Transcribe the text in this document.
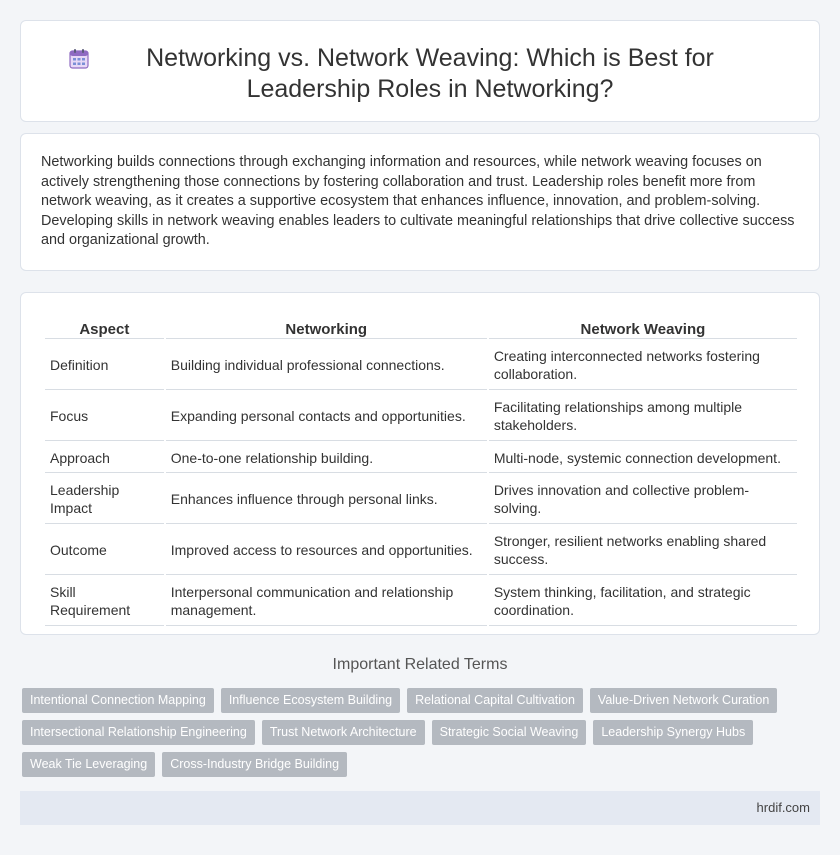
Networking vs. Network Weaving: Which is Best for Leadership Roles in Networking?

Networking builds connections through exchanging information and resources, while network weaving focuses on actively strengthening those connections by fostering collaboration and trust. Leadership roles benefit more from network weaving, as it creates a supportive ecosystem that enhances influence, innovation, and problem-solving. Developing skills in network weaving enables leaders to cultivate meaningful relationships that drive collective success and organizational growth.

Aspect	Networking	Network Weaving
Definition	Building individual professional connections.	Creating interconnected networks fostering collaboration.
Focus	Expanding personal contacts and opportunities.	Facilitating relationships among multiple stakeholders.
Approach	One-to-one relationship building.	Multi-node, systemic connection development.
Leadership Impact	Enhances influence through personal links.	Drives innovation and collective problem-solving.
Outcome	Improved access to resources and opportunities.	Stronger, resilient networks enabling shared success.
Skill Requirement	Interpersonal communication and relationship management.	System thinking, facilitation, and strategic coordination.
Important Related Terms
Intentional Connection Mapping	Influence Ecosystem Building	Relational Capital Cultivation	Value-Driven Network Curation
Intersectional Relationship Engineering	Trust Network Architecture	Strategic Social Weaving	Leadership Synergy Hubs
Weak Tie Leveraging	Cross-Industry Bridge Building
hrdif.com
